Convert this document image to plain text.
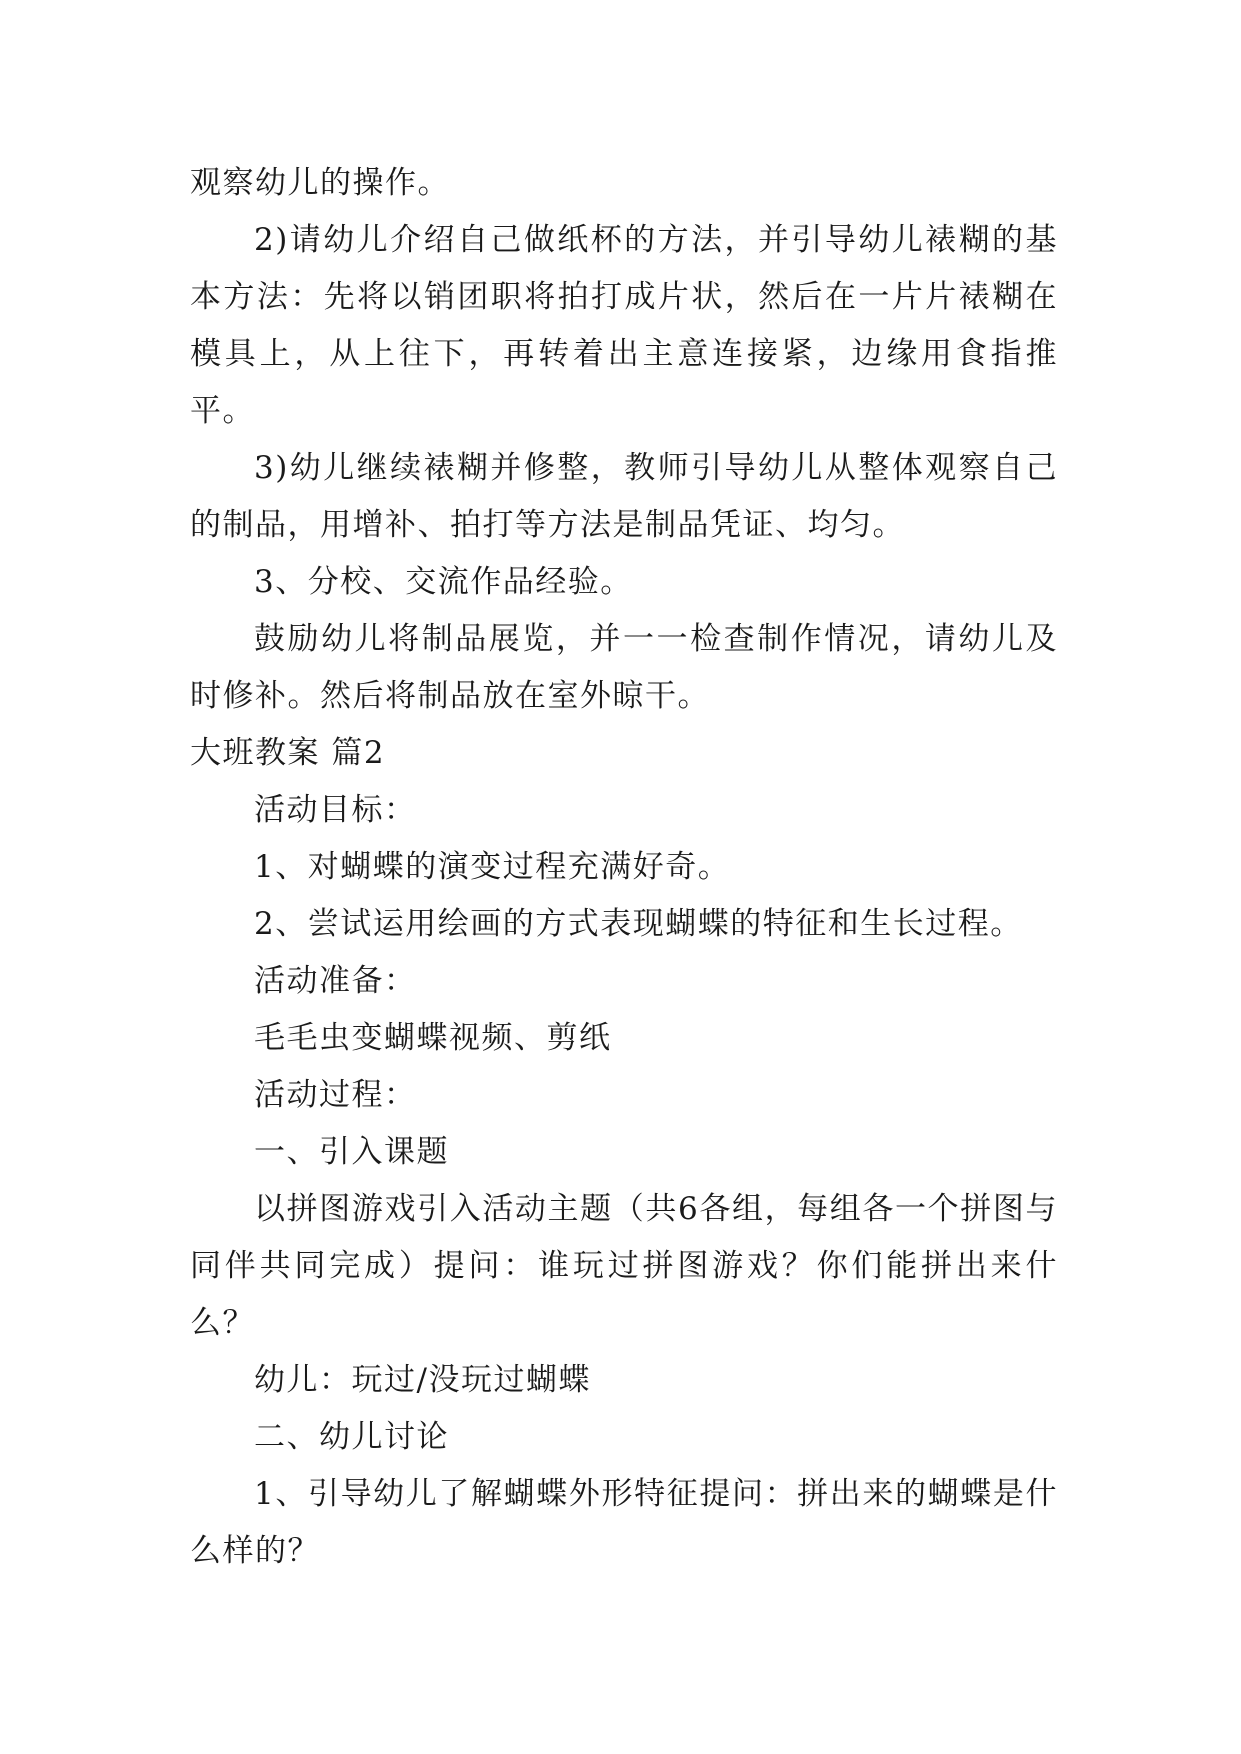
观察幼儿的操作。

2)请幼儿介绍自己做纸杯的方法，并引导幼儿裱糊的基本方法：先将以销团职将拍打成片状，然后在一片片裱糊在模具上，从上往下，再转着出主意连接紧，边缘用食指推平。

3)幼儿继续裱糊并修整，教师引导幼儿从整体观察自己的制品，用增补、拍打等方法是制品凭证、均匀。

3、分校、交流作品经验。

鼓励幼儿将制品展览，并一一检查制作情况，请幼儿及时修补。然后将制品放在室外晾干。

大班教案 篇2

活动目标：

1、对蝴蝶的演变过程充满好奇。

2、尝试运用绘画的方式表现蝴蝶的特征和生长过程。

活动准备：

毛毛虫变蝴蝶视频、剪纸

活动过程：

一、引入课题

以拼图游戏引入活动主题（共6各组，每组各一个拼图与同伴共同完成）提问：谁玩过拼图游戏？你们能拼出来什么？

幼儿：玩过/没玩过蝴蝶

二、幼儿讨论

1、引导幼儿了解蝴蝶外形特征提问：拼出来的蝴蝶是什么样的？
